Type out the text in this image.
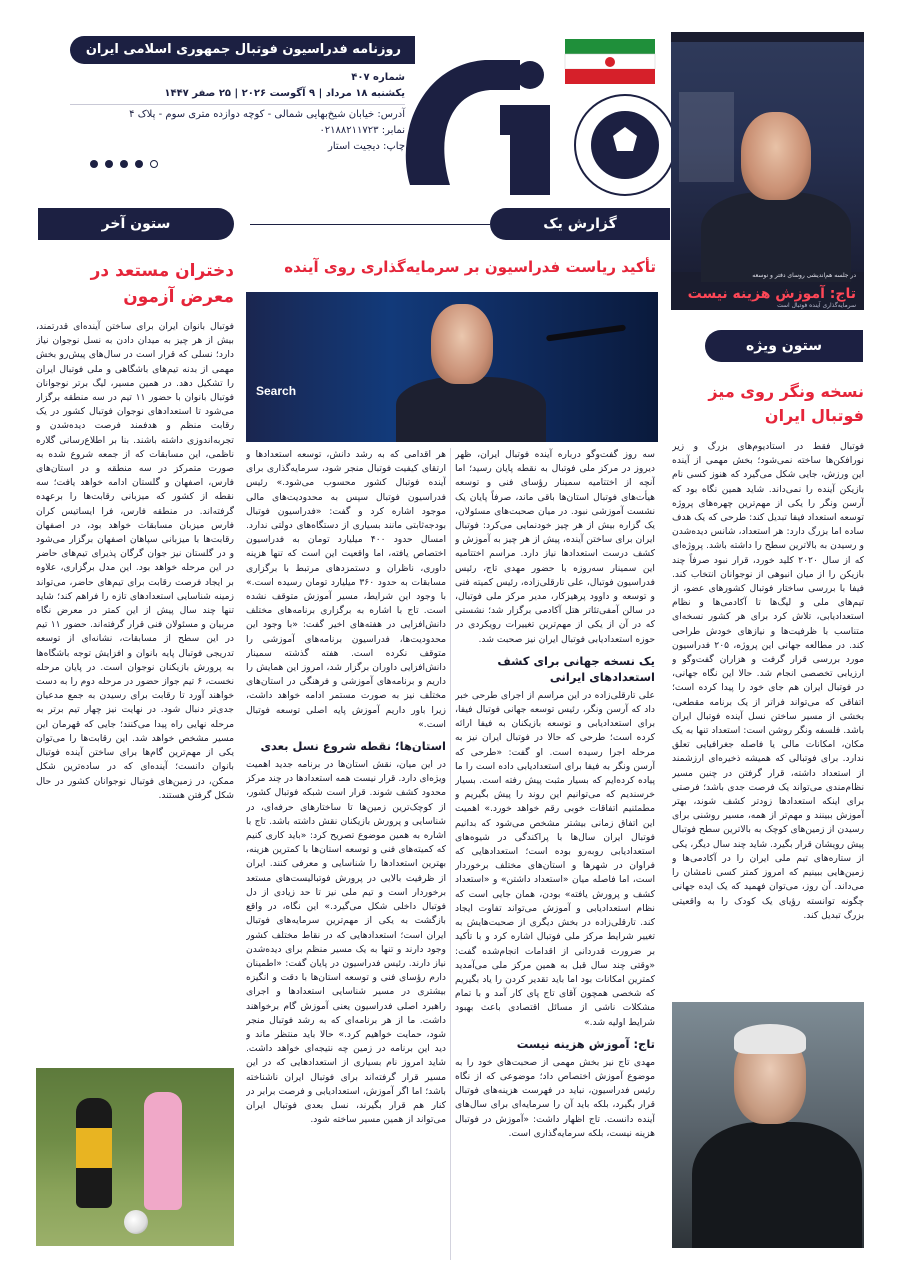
روزنامه فدراسیون فوتبال جمهوری اسلامی ایران
شماره ۴۰۷
یکشنبه ۱۸ مرداد | ۹ آگوست ۲۰۲۶ | ۲۵ صفر ۱۴۴۷
آدرس: خیابان شیخ‌بهایی شمالی - کوچه دوازده متری سوم - پلاک ۴
نمابر: ۰۲۱۸۸۲۱۱۷۲۳
چاپ: دیجیت استار
در جلسه هم‌اندیشی روسای دفتر و نوسعه
تاج: آموزش هزینه نیست
سرمایه‌گذاری آینده فوتبال است
گزارش یک
ستون آخر
ستون ویژه
تأکید ریاست فدراسیون بر سرمایه‌گذاری روی آینده
دختران مستعد در معرض آزمون
نسخه ونگر روی میز فوتبال ایران
Search

سه روز گفت‌وگو درباره آینده فوتبال ایران، ظهر دیروز در مرکز ملی فوتبال به نقطه پایان رسید؛ اما آنچه از اختتامیه سمینار رؤسای فنی و توسعه هیأت‌های فوتبال استان‌ها باقی ماند، صرفاً پایان یک نشست آموزشی نبود. در میان صحبت‌های مسئولان، یک گزاره بیش از هر چیز خودنمایی می‌کرد: فوتبال ایران برای ساختن آینده، پیش از هر چیز به آموزش و کشف درست استعدادها نیاز دارد. مراسم اختتامیه این سمینار سه‌روزه با حضور مهدی تاج، رئیس فدراسیون فوتبال، علی تارقلی‌زاده، رئیس کمیته فنی و توسعه و داوود پرهیزکار، مدیر مرکز ملی فوتبال، در سالن آمفی‌تئاتر هتل آکادمی برگزار شد؛ نشستی که در آن از یکی از مهم‌ترین تغییرات رویکردی در حوزه استعدادیابی فوتبال ایران نیز صحبت شد.

یک نسخه جهانی برای کشف استعدادهای ایرانی

علی تارقلی‌زاده در این مراسم از اجرای طرحی خبر داد که آرسن ونگر، رئیس توسعه جهانی فوتبال فیفا، برای استعدادیابی و توسعه بازیکنان به فیفا ارائه کرده است؛ طرحی که حالا در فوتبال ایران نیز به مرحله اجرا رسیده است. او گفت: «طرحی که آرسن ونگر به فیفا برای استعدادیابی داده است را ما پیاده کرده‌ایم که بسیار مثبت پیش رفته است. بسیار خرسندیم که می‌توانیم این روند را پیش بگیریم و مطمئنیم اتفاقات خوبی رقم خواهد خورد.» اهمیت این اتفاق زمانی بیشتر مشخص می‌شود که بدانیم فوتبال ایران سال‌ها با پراکندگی در شیوه‌های استعدادیابی روبه‌رو بوده است؛ استعدادهایی که فراوان در شهرها و استان‌های مختلف برخوردار است، اما فاصله میان «استعداد داشتن» و «استعداد کشف و پرورش یافته» بودن، همان جایی است که نظام استعدادیابی و آموزش می‌تواند تفاوت ایجاد کند. تارقلی‌زاده در بخش دیگری از صحبت‌هایش به تغییر شرایط مرکز ملی فوتبال اشاره کرد و با تأکید بر ضرورت قدردانی از اقدامات انجام‌شده گفت: «وقتی چند سال قبل به همین مرکز ملی می‌آمدید کمترین امکانات بود اما باید تقدیر کردن را یاد بگیریم که شخصی همچون آقای تاج پای کار آمد و با تمام مشکلات ناشی از مسائل اقتصادی باعث بهبود شرایط اولیه شد.»

تاج: آموزش هزینه نیست

مهدی تاج نیز بخش مهمی از صحبت‌های خود را به موضوع آموزش اختصاص داد؛ موضوعی که از نگاه رئیس فدراسیون، نباید در فهرست هزینه‌های فوتبال قرار بگیرد، بلکه باید آن را سرمایه‌ای برای سال‌های آینده دانست. تاج اظهار داشت: «آموزش در فوتبال هزینه نیست، بلکه سرمایه‌گذاری است.

هر اقدامی که به رشد دانش، توسعه استعدادها و ارتقای کیفیت فوتبال منجر شود، سرمایه‌گذاری برای آینده فوتبال کشور محسوب می‌شود.» رئیس فدراسیون فوتبال سپس به محدودیت‌های مالی موجود اشاره کرد و گفت: «فدراسیون فوتبال بودجه‌ثابتی مانند بسیاری از دستگاه‌های دولتی ندارد. امسال حدود ۴۰۰ میلیارد تومان به فدراسیون اختصاص یافته، اما واقعیت این است که تنها هزینه داوری، ناظران و دستمزدهای مرتبط با برگزاری مسابقات به حدود ۳۶۰ میلیارد تومان رسیده است.» با وجود این شرایط، مسیر آموزش متوقف نشده است. تاج با اشاره به برگزاری برنامه‌های مختلف دانش‌افزایی در هفته‌های اخیر گفت: «با وجود این محدودیت‌ها، فدراسیون برنامه‌های آموزشی را متوقف نکرده است. هفته گذشته سمینار دانش‌افزایی داوران برگزار شد، امروز این همایش را داریم و برنامه‌های آموزشی و فرهنگی در استان‌های مختلف نیز به صورت مستمر ادامه خواهد داشت، زیرا باور داریم آموزش پایه اصلی توسعه فوتبال است.»

استان‌ها؛ نقطه شروع نسل بعدی

در این میان، نقش استان‌ها در برنامه جدید اهمیت ویژه‌ای دارد. قرار نیست همه استعدادها در چند مرکز محدود کشف شوند. قرار است شبکه فوتبال کشور، از کوچک‌ترین زمین‌ها تا ساختارهای حرفه‌ای، در شناسایی و پرورش بازیکنان نقش داشته باشد. تاج با اشاره به همین موضوع تصریح کرد: «باید کاری کنیم که کمیته‌های فنی و توسعه استان‌ها با کمترین هزینه، بهترین استعدادها را شناسایی و معرفی کنند. ایران از ظرفیت بالایی در پرورش فوتبالیست‌های مستعد برخوردار است و تیم ملی نیز تا حد زیادی از دل فوتبال داخلی شکل می‌گیرد.» این نگاه، در واقع بازگشت به یکی از مهم‌ترین سرمایه‌های فوتبال ایران است؛ استعدادهایی که در نقاط مختلف کشور وجود دارند و تنها به یک مسیر منظم برای دیده‌شدن نیاز دارند. رئیس فدراسیون در پایان گفت: «اطمینان دارم رؤسای فنی و توسعه استان‌ها با دقت و انگیزه بیشتری در مسیر شناسایی استعدادها و اجرای راهبرد اصلی فدراسیون یعنی آموزش گام برخواهند داشت. ما از هر برنامه‌ای که به رشد فوتبال منجر شود، حمایت خواهیم کرد.» حالا باید منتظر ماند و دید این برنامه در زمین چه نتیجه‌ای خواهد داشت. شاید امروز نام بسیاری از استعدادهایی که در این مسیر قرار گرفته‌اند برای فوتبال ایران ناشناخته باشد؛ اما اگر آموزش، استعدادیابی و فرصت برابر در کنار هم قرار بگیرند، نسل بعدی فوتبال ایران می‌تواند از همین مسیر ساخته شود.

فوتبال بانوان ایران برای ساختن آینده‌ای قدرتمند، بیش از هر چیز به میدان دادن به نسل نوجوان نیاز دارد؛ نسلی که قرار است در سال‌های پیش‌رو بخش مهمی از بدنه تیم‌های باشگاهی و ملی فوتبال ایران را تشکیل دهد. در همین مسیر، لیگ برتر نوجوانان فوتبال بانوان با حضور ۱۱ تیم در سه منطقه برگزار می‌شود تا استعدادهای نوجوان فوتبال کشور در یک رقابت منظم و هدفمند فرصت دیده‌شدن و تجربه‌اندوزی داشته باشند. بنا بر اطلاع‌رسانی گلاره ناظمی، این مسابقات که از جمعه شروع شده به صورت متمرکز در سه منطقه و در استان‌های فارس، اصفهان و گلستان ادامه خواهد یافت؛ سه نقطه از کشور که میزبانی رقابت‌ها را برعهده گرفته‌اند. در منطقه فارس، فرا ایساتیس کران فارس میزبان مسابقات خواهد بود، در اصفهان رقابت‌ها با میزبانی سپاهان اصفهان برگزار می‌شود و در گلستان نیز جوان گرگان پذیرای تیم‌های حاضر در این مرحله خواهد بود. این مدل برگزاری، علاوه بر ایجاد فرصت رقابت برای تیم‌های حاضر، می‌تواند زمینه شناسایی استعدادهای تازه را فراهم کند؛ شاید تنها چند سال پیش از این کمتر در معرض نگاه مربیان و مسئولان فنی قرار گرفته‌اند. حضور ۱۱ تیم در این سطح از مسابقات، نشانه‌ای از توسعه تدریجی فوتبال پایه بانوان و افزایش توجه باشگاه‌ها به پرورش بازیکنان نوجوان است. در پایان مرحله نخست، ۶ تیم جواز حضور در مرحله دوم را به دست خواهند آورد تا رقابت برای رسیدن به جمع مدعیان جدی‌تر دنبال شود. در نهایت نیز چهار تیم برتر به مرحله نهایی راه پیدا می‌کنند؛ جایی که قهرمان این مسیر مشخص خواهد شد. این رقابت‌ها را می‌توان یکی از مهم‌ترین گام‌ها برای ساختن آینده فوتبال بانوان دانست؛ آینده‌ای که در ساده‌ترین شکل ممکن، در زمین‌های فوتبال نوجوانان کشور در حال شکل گرفتن هستند.

فوتبال فقط در استادیوم‌های بزرگ و زیر نورافکن‌ها ساخته نمی‌شود؛ بخش مهمی از آینده این ورزش، جایی شکل می‌گیرد که هنوز کسی نام بازیکن آینده را نمی‌داند. شاید همین نگاه بود که آرسن ونگر را یکی از مهم‌ترین چهره‌های پروژه توسعه استعداد فیفا تبدیل کند: طرحی که یک هدف ساده اما بزرگ دارد: هر استعداد، شانس دیده‌شدن و رسیدن به بالاترین سطح را داشته باشد. پروژه‌ای که از سال ۲۰۲۰ کلید خورد، قرار نبود صرفاً چند بازیکن را از میان انبوهی از نوجوانان انتخاب کند. فیفا با بررسی ساختار فوتبال کشورهای عضو، از تیم‌های ملی و لیگ‌ها تا آکادمی‌ها و نظام استعدادیابی، تلاش کرد برای هر کشور نسخه‌ای متناسب با ظرفیت‌ها و نیازهای خودش طراحی کند. در مطالعه جهانی این پروژه، ۲۰۵ فدراسیون مورد بررسی قرار گرفت و هزاران گفت‌وگو و ارزیابی تخصصی انجام شد. حالا این نگاه جهانی، در فوتبال ایران هم جای خود را پیدا کرده است؛ اتفاقی که می‌تواند فراتر از یک برنامه مقطعی، بخشی از مسیر ساختن نسل آینده فوتبال ایران باشد. فلسفه ونگر روشن است: استعداد تنها به یک مکان، امکانات مالی یا فاصله جغرافیایی تعلق ندارد. برای فوتبالی که همیشه ذخیره‌ای ارزشمند از استعداد داشته، قرار گرفتن در چنین مسیر نظام‌مندی می‌تواند یک فرصت جدی باشد؛ فرصتی برای اینکه استعدادها زودتر کشف شوند، بهتر آموزش ببینند و مهم‌تر از همه، مسیر روشنی برای رسیدن از زمین‌های کوچک به بالاترین سطح فوتبال پیش رویشان قرار بگیرد. شاید چند سال دیگر، یکی از ستاره‌های تیم ملی ایران را در آکادمی‌ها و زمین‌هایی ببینیم که امروز کمتر کسی نامشان را می‌داند. آن روز، می‌توان فهمید که یک ایده جهانی چگونه توانسته رؤیای یک کودک را به واقعیتی بزرگ تبدیل کند.
